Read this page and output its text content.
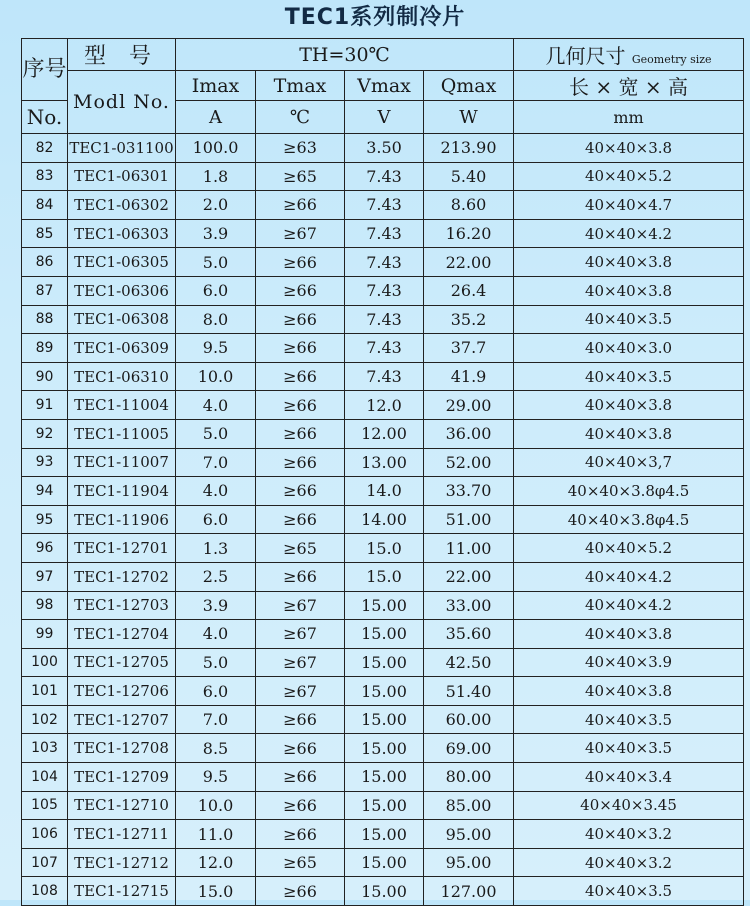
TEC1系列制冷片
序号	型 号	TH=30℃				几何尺寸 Geometry size
	Modl No.	Imax	Tmax	Vmax	Qmax	长 × 宽 × 高
No.		A	℃	V	W	mm
82	TEC1-031100	100.0	≥63	3.50	213.90	40×40×3.8
83	TEC1-06301	1.8	≥65	7.43	5.40	40×40×5.2
84	TEC1-06302	2.0	≥66	7.43	8.60	40×40×4.7
85	TEC1-06303	3.9	≥67	7.43	16.20	40×40×4.2
86	TEC1-06305	5.0	≥66	7.43	22.00	40×40×3.8
87	TEC1-06306	6.0	≥66	7.43	26.4	40×40×3.8
88	TEC1-06308	8.0	≥66	7.43	35.2	40×40×3.5
89	TEC1-06309	9.5	≥66	7.43	37.7	40×40×3.0
90	TEC1-06310	10.0	≥66	7.43	41.9	40×40×3.5
91	TEC1-11004	4.0	≥66	12.0	29.00	40×40×3.8
92	TEC1-11005	5.0	≥66	12.00	36.00	40×40×3.8
93	TEC1-11007	7.0	≥66	13.00	52.00	40×40×3,7
94	TEC1-11904	4.0	≥66	14.0	33.70	40×40×3.8φ4.5
95	TEC1-11906	6.0	≥66	14.00	51.00	40×40×3.8φ4.5
96	TEC1-12701	1.3	≥65	15.0	11.00	40×40×5.2
97	TEC1-12702	2.5	≥66	15.0	22.00	40×40×4.2
98	TEC1-12703	3.9	≥67	15.00	33.00	40×40×4.2
99	TEC1-12704	4.0	≥67	15.00	35.60	40×40×3.8
100	TEC1-12705	5.0	≥67	15.00	42.50	40×40×3.9
101	TEC1-12706	6.0	≥67	15.00	51.40	40×40×3.8
102	TEC1-12707	7.0	≥66	15.00	60.00	40×40×3.5
103	TEC1-12708	8.5	≥66	15.00	69.00	40×40×3.5
104	TEC1-12709	9.5	≥66	15.00	80.00	40×40×3.4
105	TEC1-12710	10.0	≥66	15.00	85.00	40×40×3.45
106	TEC1-12711	11.0	≥66	15.00	95.00	40×40×3.2
107	TEC1-12712	12.0	≥65	15.00	95.00	40×40×3.2
108	TEC1-12715	15.0	≥66	15.00	127.00	40×40×3.5
